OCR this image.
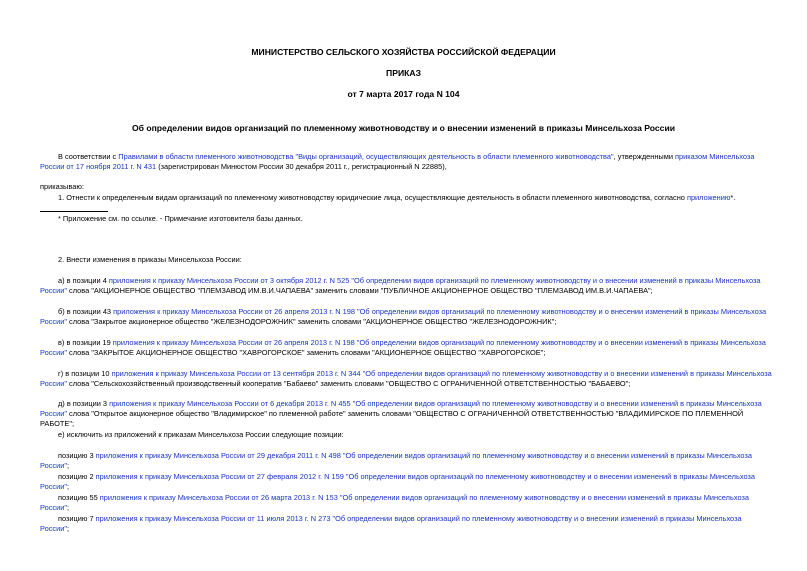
МИНИСТЕРСТВО СЕЛЬСКОГО ХОЗЯЙСТВА РОССИЙСКОЙ ФЕДЕРАЦИИ
ПРИКАЗ
от 7 марта 2017 года N 104
Об определении видов организаций по племенному животноводству и о внесении изменений в приказы Минсельхоза России
В соответствии с Правилами в области племенного животноводства "Виды организаций, осуществляющих деятельность в области племенного животноводства", утвержденными приказом Минсельхоза России от 17 ноября 2011 г. N 431 (зарегистрирован Минюстом России 30 декабря 2011 г., регистрационный N 22885),
приказываю:
1. Отнести к определенным видам организаций по племенному животноводству юридические лица, осуществляющие деятельность в области племенного животноводства, согласно приложению*.
* Приложение см. по ссылке. - Примечание изготовителя базы данных.
2. Внести изменения в приказы Минсельхоза России:
а) в позиции 4 приложения к приказу Минсельхоза России от 3 октября 2012 г. N 525 "Об определении видов организаций по племенному животноводству и о внесении изменений в приказы Минсельхоза России" слова "АКЦИОНЕРНОЕ ОБЩЕСТВО "ПЛЕМЗАВОД ИМ.В.И.ЧАПАЕВА" заменить словами "ПУБЛИЧНОЕ АКЦИОНЕРНОЕ ОБЩЕСТВО "ПЛЕМЗАВОД ИМ.В.И.ЧАПАЕВА";
б) в позиции 43 приложения к приказу Минсельхоза России от 26 апреля 2013 г. N 198 "Об определении видов организаций по племенному животноводству и о внесении изменений в приказы Минсельхоза России" слова "Закрытое акционерное общество "ЖЕЛЕЗНОДОРОЖНИК" заменить словами "АКЦИОНЕРНОЕ ОБЩЕСТВО "ЖЕЛЕЗНОДОРОЖНИК";
в) в позиции 19 приложения к приказу Минсельхоза России от 26 апреля 2013 г. N 198 "Об определении видов организаций по племенному животноводству и о внесении изменений в приказы Минсельхоза России" слова "ЗАКРЫТОЕ АКЦИОНЕРНОЕ ОБЩЕСТВО "ХАВРОГОРСКОЕ" заменить словами "АКЦИОНЕРНОЕ ОБЩЕСТВО "ХАВРОГОРСКОЕ";
г) в позиции 10 приложения к приказу Минсельхоза России от 13 сентября 2013 г. N 344 "Об определении видов организаций по племенному животноводству и о внесении изменений в приказы Минсельхоза России" слова "Сельскохозяйственный производственный кооператив "Бабаево" заменить словами "ОБЩЕСТВО С ОГРАНИЧЕННОЙ ОТВЕТСТВЕННОСТЬЮ "БАБАЕВО";
д) в позиции 3 приложения к приказу Минсельхоза России от 6 декабря 2013 г. N 455 "Об определении видов организаций по племенному животноводству и о внесении изменений в приказы Минсельхоза России" слова "Открытое акционерное общество "Владимирское" по племенной работе" заменить словами "ОБЩЕСТВО С ОГРАНИЧЕННОЙ ОТВЕТСТВЕННОСТЬЮ "ВЛАДИМИРСКОЕ ПО ПЛЕМЕННОЙ РАБОТЕ";
е) исключить из приложений к приказам Минсельхоза России следующие позиции:
позицию 3 приложения к приказу Минсельхоза России от 29 декабря 2011 г. N 498 "Об определении видов организаций по племенному животноводству и о внесении изменений в приказы Минсельхоза России";
позицию 2 приложения к приказу Минсельхоза России от 27 февраля 2012 г. N 159 "Об определении видов организаций по племенному животноводству и о внесении изменений в приказы Минсельхоза России";
позицию 55 приложения к приказу Минсельхоза России от 26 марта 2013 г. N 153 "Об определении видов организаций по племенному животноводству и о внесении изменений в приказы Минсельхоза России";
позицию 7 приложения к приказу Минсельхоза России от 11 июля 2013 г. N 273 "Об определении видов организаций по племенному животноводству и о внесении изменений в приказы Минсельхоза России";
